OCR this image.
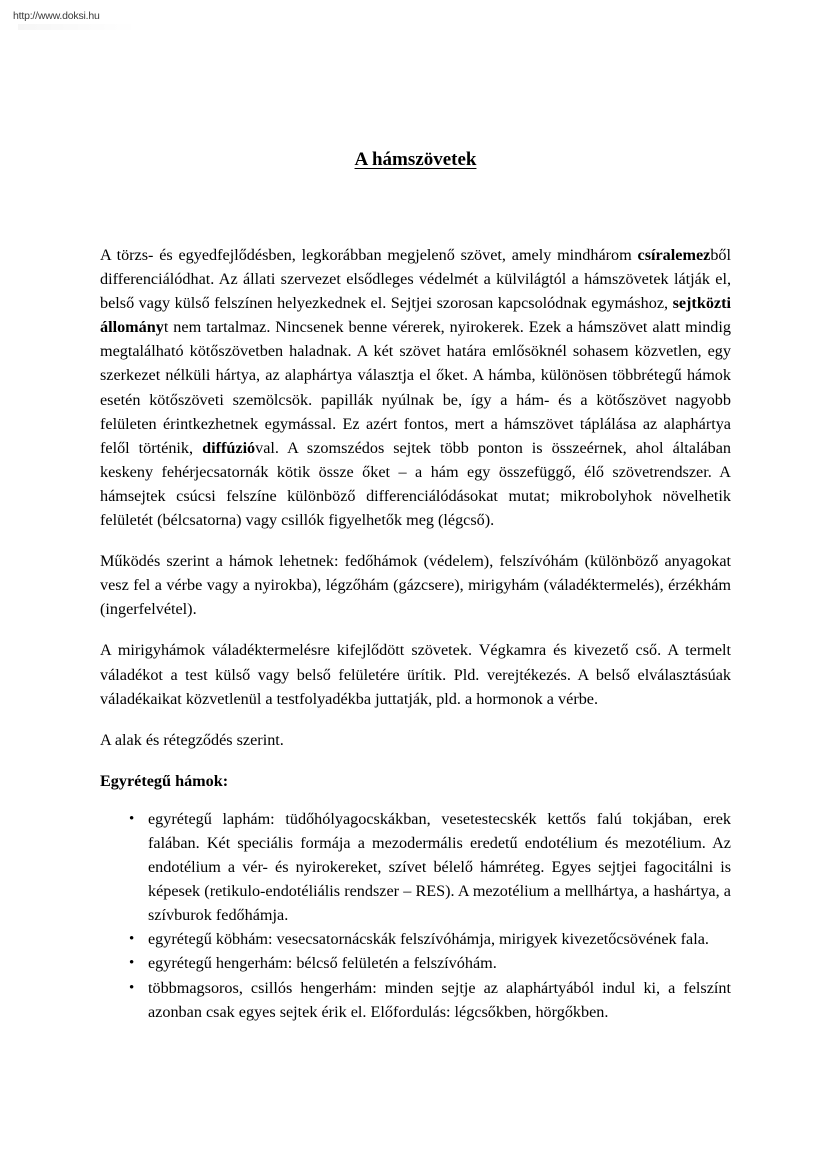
http://www.doksi.hu
A hámszövetek

A törzs- és egyedfejlődésben, legkorábban megjelenő szövet, amely mindhárom csíralemezből differenciálódhat. Az állati szervezet elsődleges védelmét a külvilágtól a hámszövetek látják el, belső vagy külső felszínen helyezkednek el. Sejtjei szorosan kapcsolódnak egymáshoz, sejtközti állományt nem tartalmaz. Nincsenek benne vérerek, nyirokerek. Ezek a hámszövet alatt mindig megtalálható kötőszövetben haladnak. A két szövet határa emlősöknél sohasem közvetlen, egy szerkezet nélküli hártya, az alaphártya választja el őket. A hámba, különösen többrétegű hámok esetén kötőszöveti szemölcsök. papillák nyúlnak be, így a hám- és a kötőszövet nagyobb felületen érintkezhetnek egymással. Ez azért fontos, mert a hámszövet táplálása az alaphártya felől történik, diffúzióval. A szomszédos sejtek több ponton is összeérnek, ahol általában keskeny fehérjecsatornák kötik össze őket – a hám egy összefüggő, élő szövetrendszer. A hámsejtek csúcsi felszíne különböző differenciálódásokat mutat; mikrobolyhok növelhetik felületét (bélcsatorna) vagy csillók figyelhetők meg (légcső).

Működés szerint a hámok lehetnek: fedőhámok (védelem), felszívóhám (különböző anyagokat vesz fel a vérbe vagy a nyirokba), légzőhám (gázcsere), mirigyhám (váladéktermelés), érzékhám (ingerfelvétel).

A mirigyhámok váladéktermelésre kifejlődött szövetek. Végkamra és kivezető cső. A termelt váladékot a test külső vagy belső felületére ürítik. Pld. verejtékezés. A belső elválasztásúak váladékaikat közvetlenül a testfolyadékba juttatják, pld. a hormonok a vérbe.

A alak és rétegződés szerint.

Egyrétegű hámok:
• egyrétegű laphám: tüdőhólyagocskákban, vesetestecskék kettős falú tokjában, erek falában. Két speciális formája a mezodermális eredetű endotélium és mezotélium. Az endotélium a vér- és nyirokereket, szívet bélelő hámréteg. Egyes sejtjei fagocitálni is képesek (retikulo-endotéliális rendszer – RES). A mezotélium a mellhártya, a hashártya, a szívburok fedőhámja.
• egyrétegű köbhám: vesecsatornácskák felszívóhámja, mirigyek kivezetőcsövének fala.
• egyrétegű hengerhám: bélcső felületén a felszívóhám.
• többmagsoros, csillós hengerhám: minden sejtje az alaphártyából indul ki, a felszínt azonban csak egyes sejtek érik el. Előfordulás: légcsőkben, hörgőkben.
